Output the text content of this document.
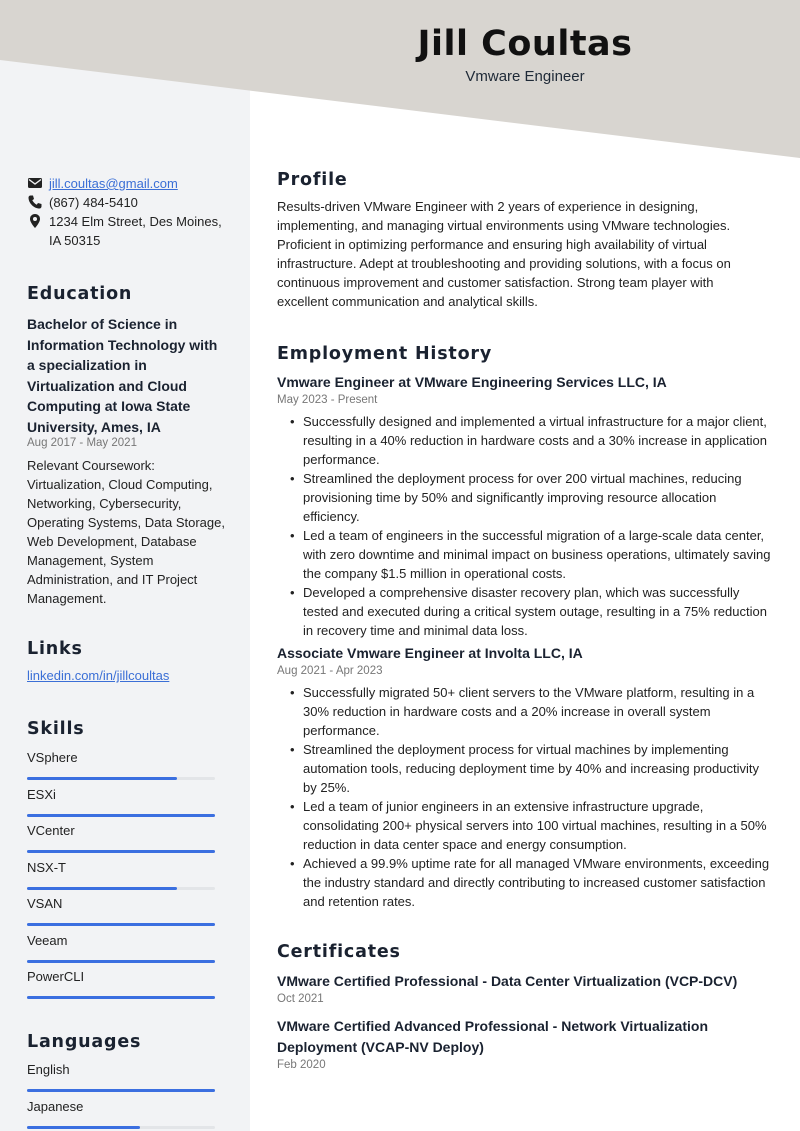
Jill Coultas
Vmware Engineer
jill.coultas@gmail.com
(867) 484-5410
1234 Elm Street, Des Moines,
IA 50315
Education
Bachelor of Science in Information Technology with a specialization in Virtualization and Cloud Computing at Iowa State University, Ames, IA
Aug 2017 - May 2021
Relevant Coursework: Virtualization, Cloud Computing, Networking, Cybersecurity, Operating Systems, Data Storage, Web Development, Database Management, System Administration, and IT Project Management.
Links
linkedin.com/in/jillcoultas
Skills
VSphere
ESXi
VCenter
NSX-T
VSAN
Veeam
PowerCLI
Languages
English
Japanese
Profile
Results-driven VMware Engineer with 2 years of experience in designing, implementing, and managing virtual environments using VMware technologies. Proficient in optimizing performance and ensuring high availability of virtual infrastructure. Adept at troubleshooting and providing solutions, with a focus on continuous improvement and customer satisfaction. Strong team player with excellent communication and analytical skills.
Employment History
Vmware Engineer at VMware Engineering Services LLC, IA
May 2023 - Present
• Successfully designed and implemented a virtual infrastructure for a major client, resulting in a 40% reduction in hardware costs and a 30% increase in application performance.
• Streamlined the deployment process for over 200 virtual machines, reducing provisioning time by 50% and significantly improving resource allocation efficiency.
• Led a team of engineers in the successful migration of a large-scale data center, with zero downtime and minimal impact on business operations, ultimately saving the company $1.5 million in operational costs.
• Developed a comprehensive disaster recovery plan, which was successfully tested and executed during a critical system outage, resulting in a 75% reduction in recovery time and minimal data loss.
Associate Vmware Engineer at Involta LLC, IA
Aug 2021 - Apr 2023
• Successfully migrated 50+ client servers to the VMware platform, resulting in a 30% reduction in hardware costs and a 20% increase in overall system performance.
• Streamlined the deployment process for virtual machines by implementing automation tools, reducing deployment time by 40% and increasing productivity by 25%.
• Led a team of junior engineers in an extensive infrastructure upgrade, consolidating 200+ physical servers into 100 virtual machines, resulting in a 50% reduction in data center space and energy consumption.
• Achieved a 99.9% uptime rate for all managed VMware environments, exceeding the industry standard and directly contributing to increased customer satisfaction and retention rates.
Certificates
VMware Certified Professional - Data Center Virtualization (VCP-DCV)
Oct 2021
VMware Certified Advanced Professional - Network Virtualization Deployment (VCAP-NV Deploy)
Feb 2020
